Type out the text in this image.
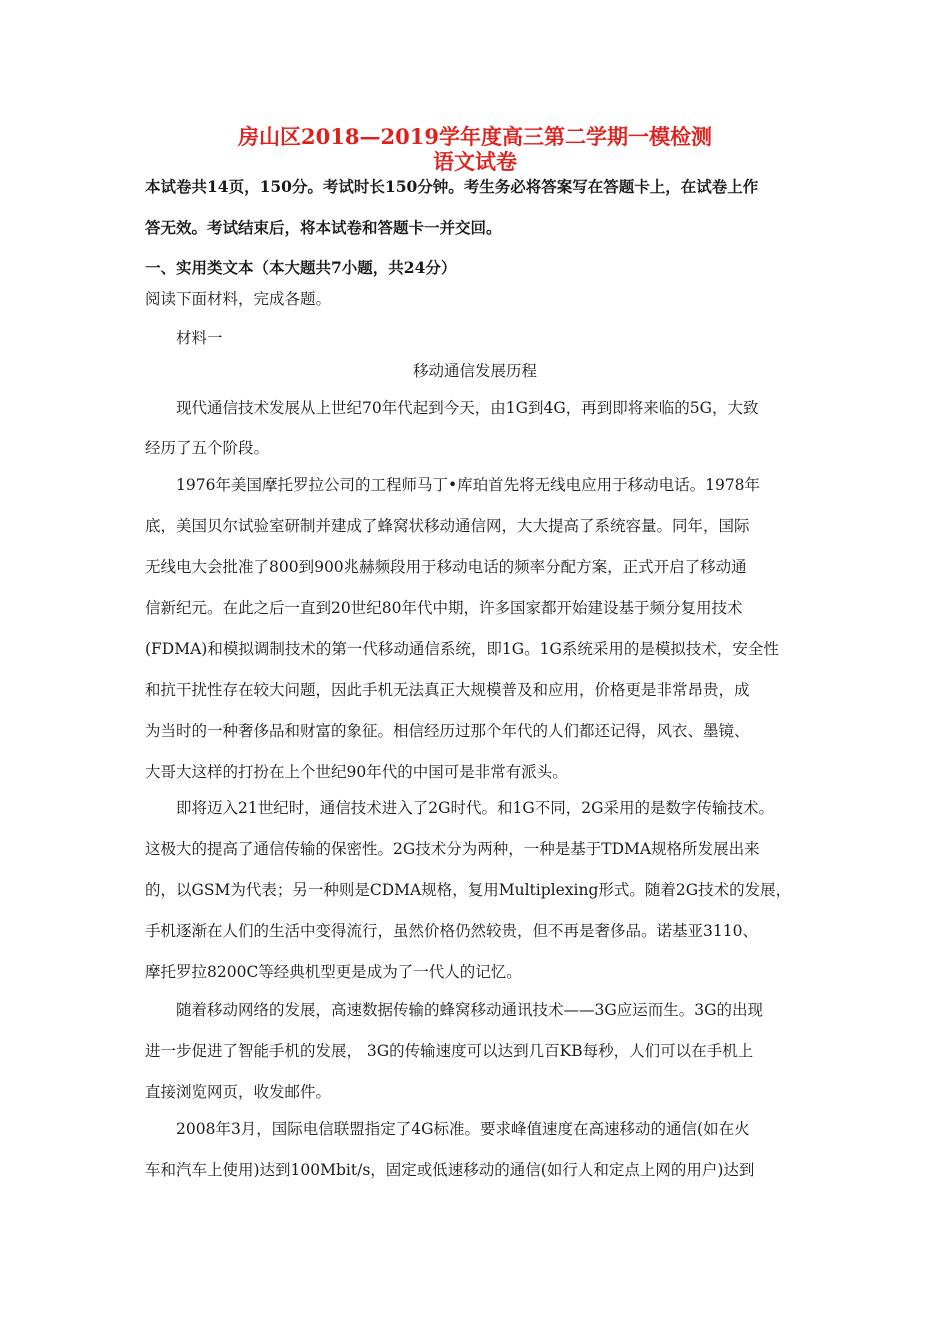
房山区2018—2019学年度高三第二学期一模检测
语文试卷
本试卷共14页，150分。考试时长150分钟。考生务必将答案写在答题卡上，在试卷上作
答无效。考试结束后，将本试卷和答题卡一并交回。
一、实用类文本（本大题共7小题，共24分）
阅读下面材料，完成各题。
材料一
移动通信发展历程
现代通信技术发展从上世纪70年代起到今天，由1G到4G，再到即将来临的5G，大致
经历了五个阶段。
1976年美国摩托罗拉公司的工程师马丁•库珀首先将无线电应用于移动电话。1978年
底，美国贝尔试验室研制并建成了蜂窝状移动通信网，大大提高了系统容量。同年，国际
无线电大会批准了800到900兆赫频段用于移动电话的频率分配方案，正式开启了移动通
信新纪元。在此之后一直到20世纪80年代中期，许多国家都开始建设基于频分复用技术
(FDMA)和模拟调制技术的第一代移动通信系统，即1G。1G系统采用的是模拟技术，安全性
和抗干扰性存在较大问题，因此手机无法真正大规模普及和应用，价格更是非常昂贵，成
为当时的一种奢侈品和财富的象征。相信经历过那个年代的人们都还记得，风衣、墨镜、
大哥大这样的打扮在上个世纪90年代的中国可是非常有派头。
即将迈入21世纪时，通信技术进入了2G时代。和1G不同，2G采用的是数字传输技术。
这极大的提高了通信传输的保密性。2G技术分为两种，一种是基于TDMA规格所发展出来
的，以GSM为代表；另一种则是CDMA规格，复用Multiplexing形式。随着2G技术的发展，
手机逐渐在人们的生活中变得流行，虽然价格仍然较贵，但不再是奢侈品。诺基亚3110、
摩托罗拉8200C等经典机型更是成为了一代人的记忆。
随着移动网络的发展，高速数据传输的蜂窝移动通讯技术——3G应运而生。3G的出现
进一步促进了智能手机的发展， 3G的传输速度可以达到几百KB每秒，人们可以在手机上
直接浏览网页，收发邮件。
2008年3月，国际电信联盟指定了4G标准。要求峰值速度在高速移动的通信(如在火
车和汽车上使用)达到100Mbit/s，固定或低速移动的通信(如行人和定点上网的用户)达到
